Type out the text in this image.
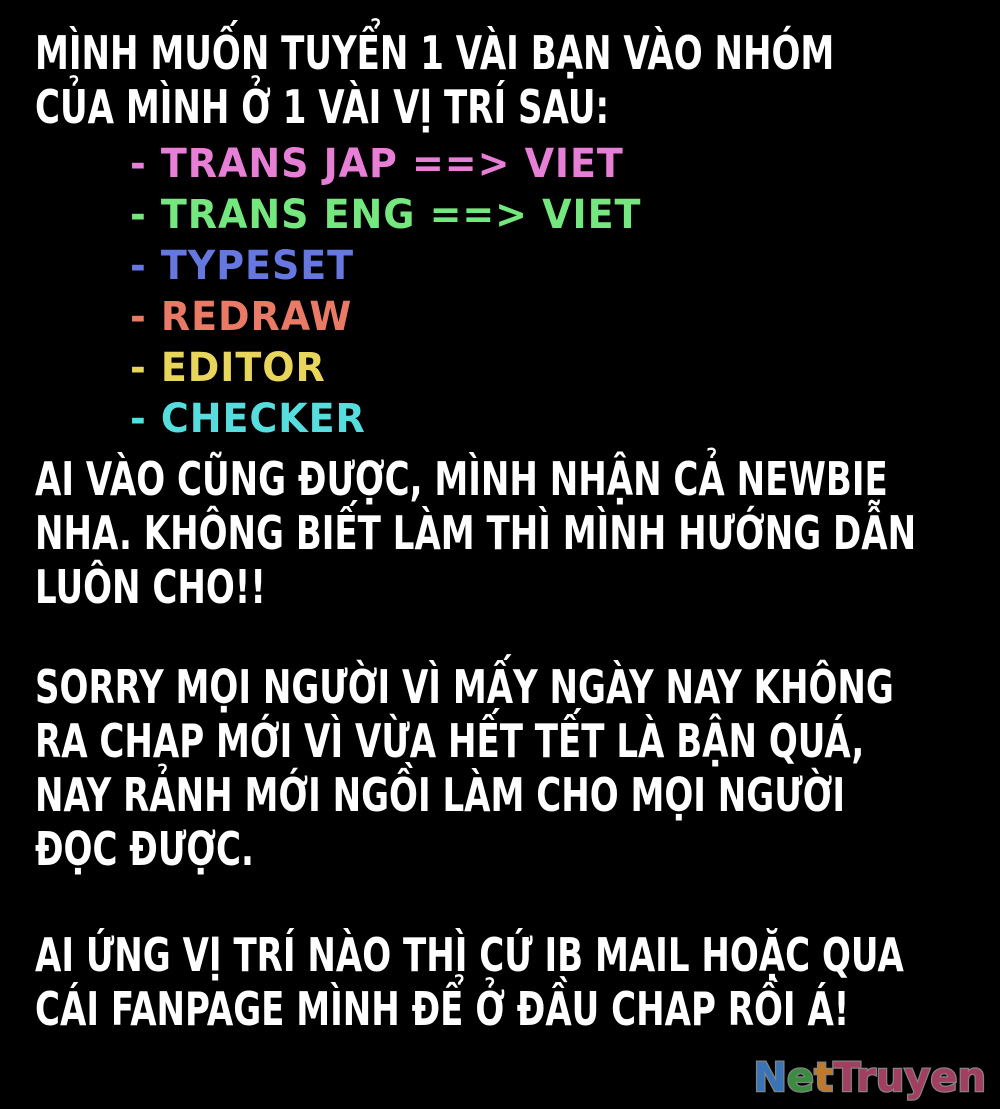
MÌNH MUỐN TUYỂN 1 VÀI BẠN VÀO NHÓM
CỦA MÌNH Ở 1 VÀI VỊ TRÍ SAU:
- TRANS JAP ==> VIET
- TRANS ENG ==> VIET
- TYPESET
- REDRAW
- EDITOR
- CHECKER
AI VÀO CŨNG ĐƯỢC, MÌNH NHẬN CẢ NEWBIE
NHA. KHÔNG BIẾT LÀM THÌ MÌNH HƯỚNG DẪN
LUÔN CHO!!
SORRY MỌI NGƯỜI VÌ MẤY NGÀY NAY KHÔNG
RA CHAP MỚI VÌ VỪA HẾT TẾT LÀ BẬN QUÁ,
NAY RẢNH MỚI NGỒI LÀM CHO MỌI NGƯỜI
ĐỌC ĐƯỢC.
AI ỨNG VỊ TRÍ NÀO THÌ CỨ IB MAIL HOẶC QUA
CÁI FANPAGE MÌNH ĐỂ Ở ĐẦU CHAP RỒI Á!
NetTruyen
